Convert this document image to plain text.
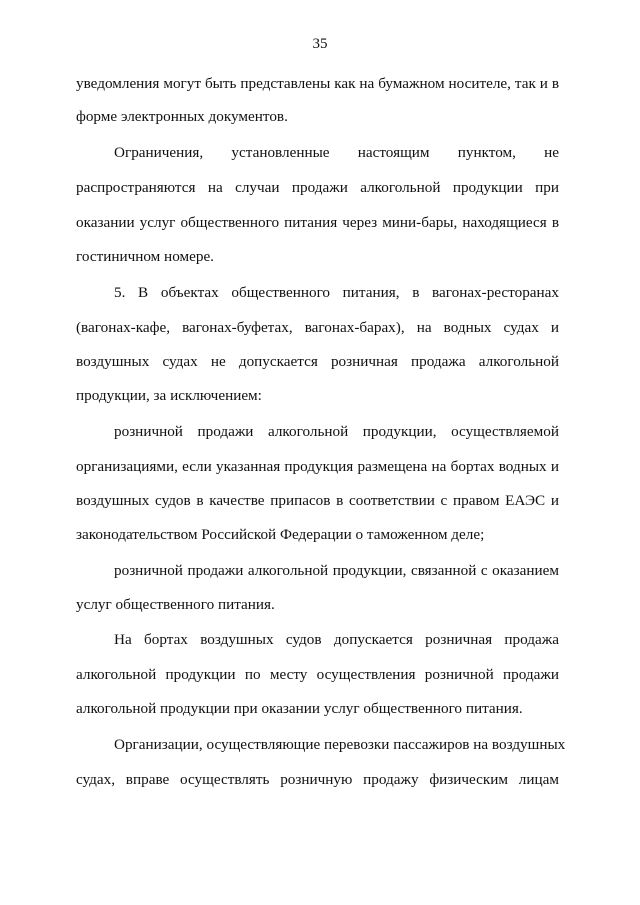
35
уведомления могут быть представлены как на бумажном носителе, так и в
форме электронных документов.
Ограничения, установленные настоящим пунктом, не
распространяются на случаи продажи алкогольной продукции при
оказании услуг общественного питания через мини-бары, находящиеся в
гостиничном номере.
5. В объектах общественного питания, в вагонах-ресторанах
(вагонах-кафе, вагонах-буфетах, вагонах-барах), на водных судах и
воздушных судах не допускается розничная продажа алкогольной
продукции, за исключением:
розничной продажи алкогольной продукции, осуществляемой
организациями, если указанная продукция размещена на бортах водных и
воздушных судов в качестве припасов в соответствии с правом ЕАЭС и
законодательством Российской Федерации о таможенном деле;
розничной продажи алкогольной продукции, связанной с оказанием
услуг общественного питания.
На бортах воздушных судов допускается розничная продажа
алкогольной продукции по месту осуществления розничной продажи
алкогольной продукции при оказании услуг общественного питания.
Организации, осуществляющие перевозки пассажиров на воздушных
судах, вправе осуществлять розничную продажу физическим лицам
